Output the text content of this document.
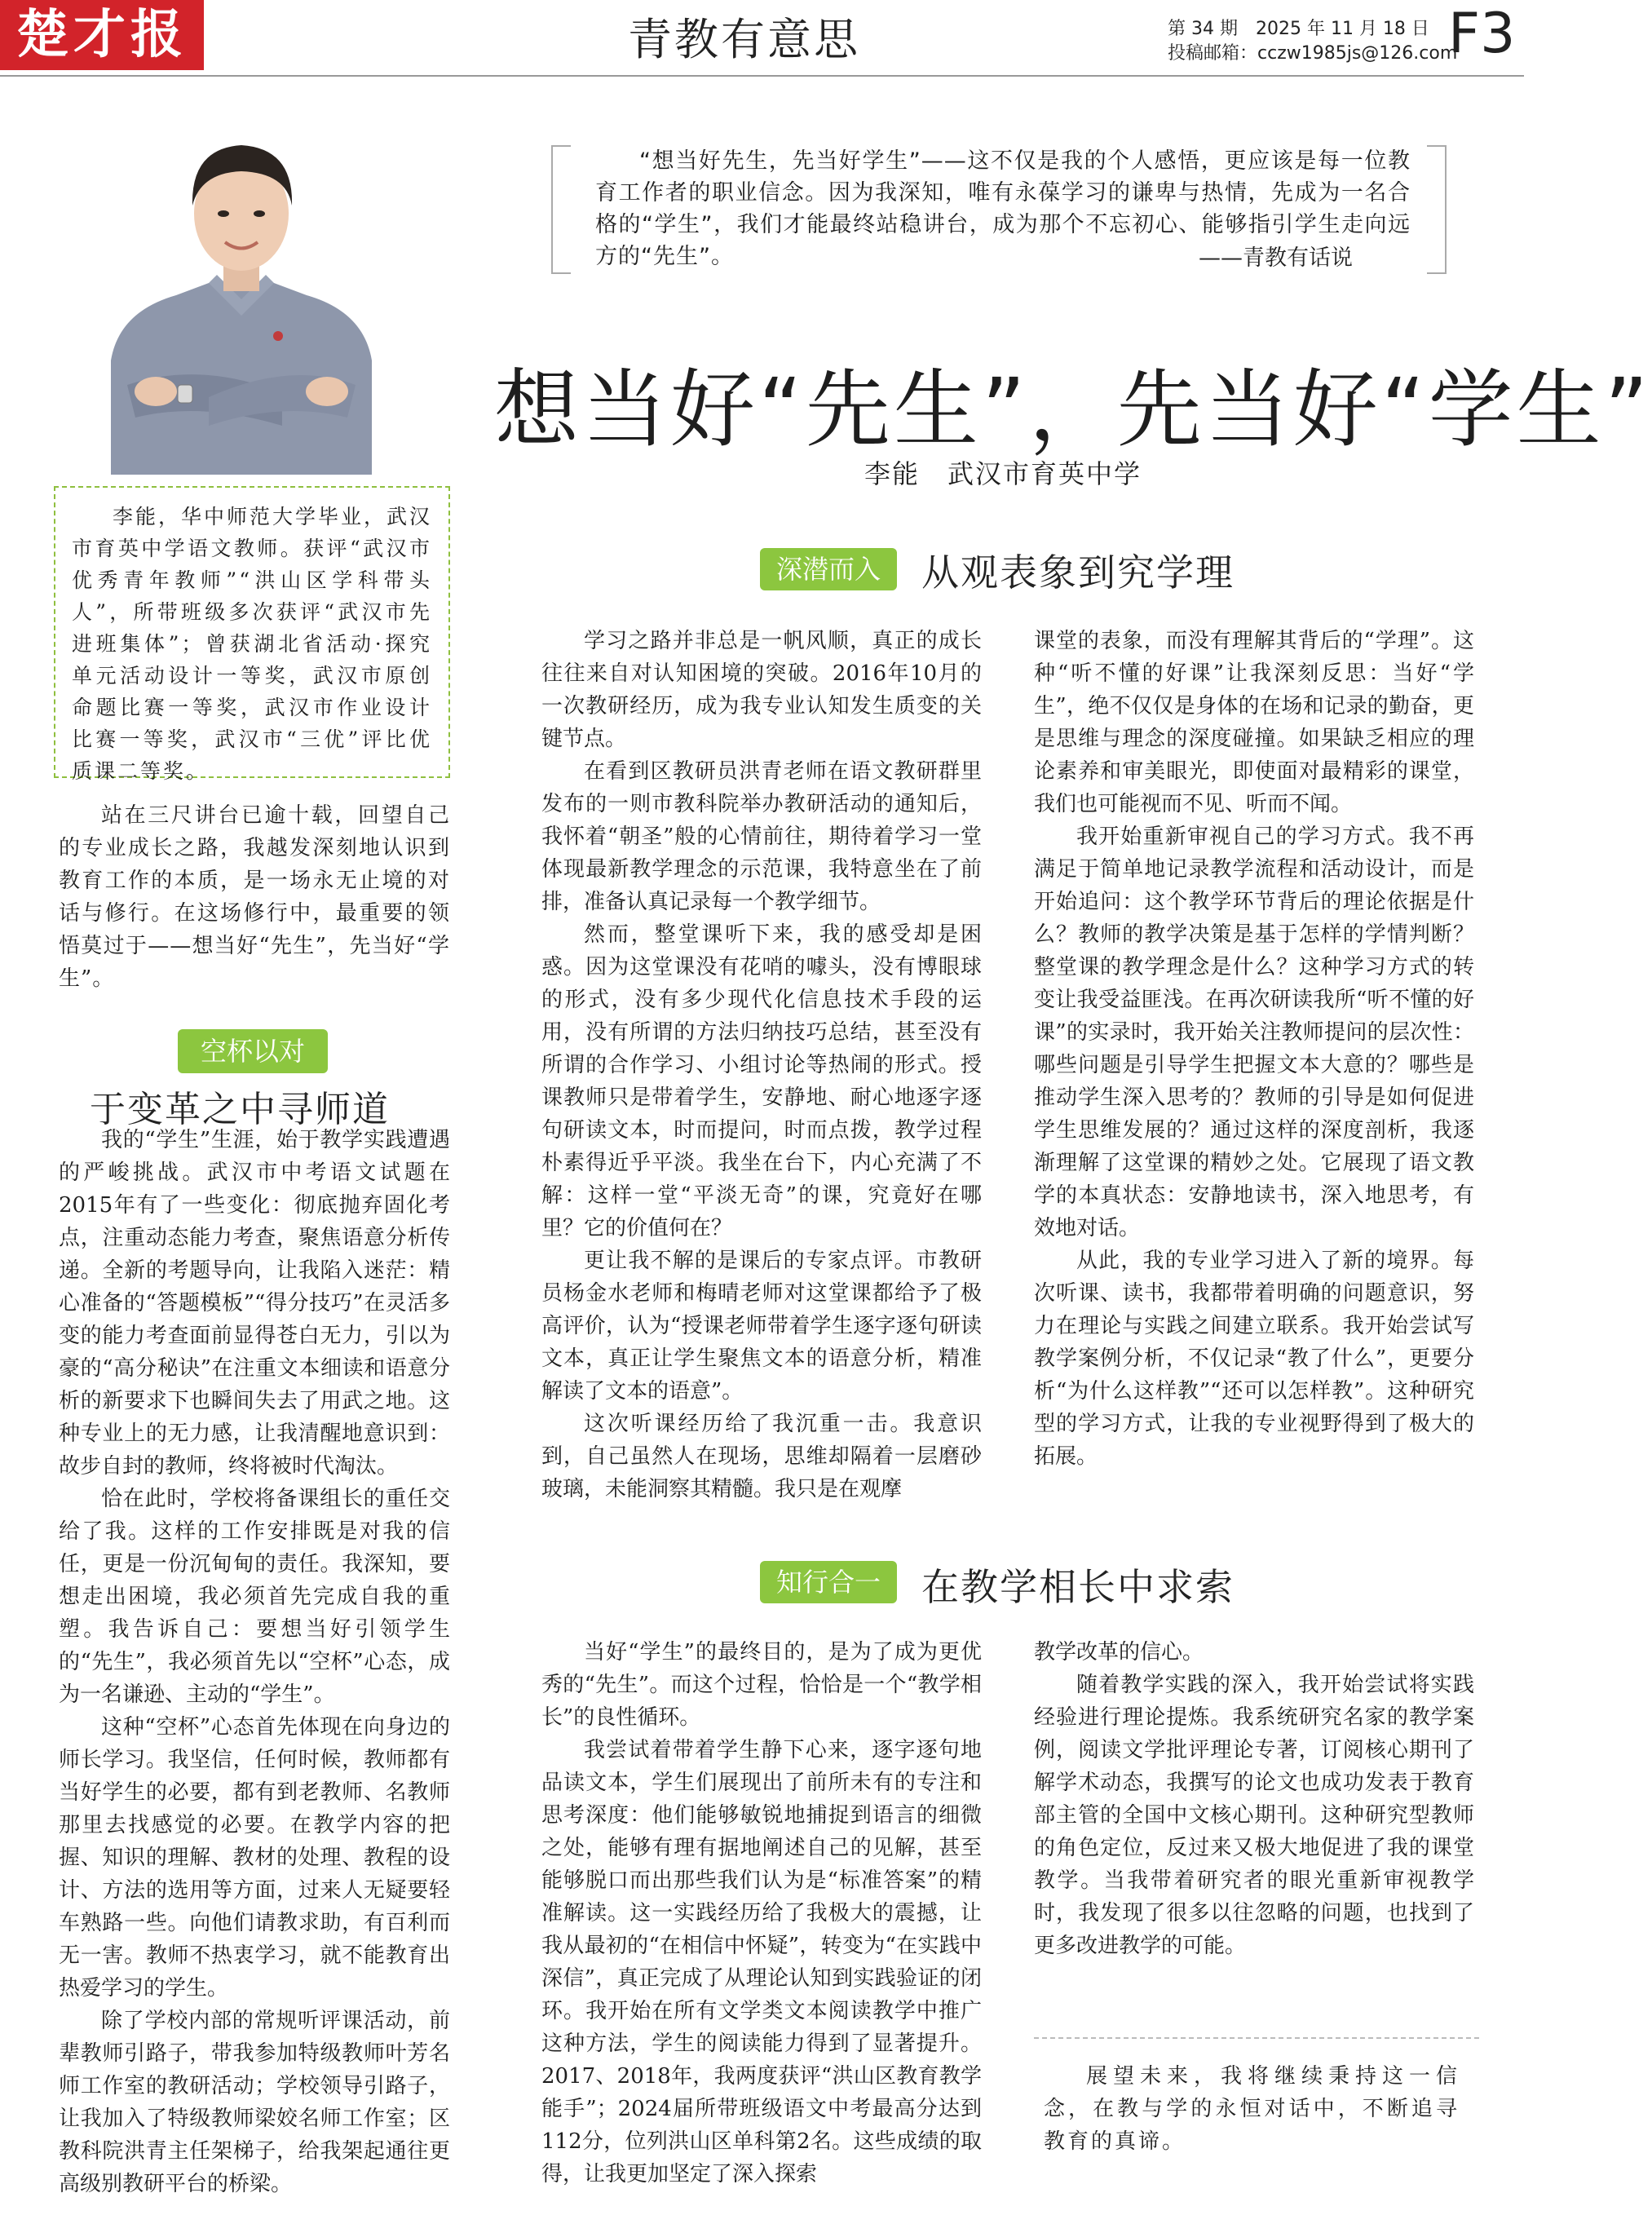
楚才报	青教有意思	第 34 期　2025 年 11 月 18 日
投稿邮箱：cczw1985js@126.com
F3

李能，华中师范大学毕业，武汉市育英中学语文教师。获评“武汉市优秀青年教师”“洪山区学科带头人”，所带班级多次获评“武汉市先进班集体”；曾获湖北省活动·探究单元活动设计一等奖，武汉市原创命题比赛一等奖，武汉市作业设计比赛一等奖，武汉市“三优”评比优质课二等奖。

站在三尺讲台已逾十载，回望自己的专业成长之路，我越发深刻地认识到教育工作的本质，是一场永无止境的对话与修行。在这场修行中，最重要的领悟莫过于——想当好“先生”，先当好“学生”。

空杯以对
于变革之中寻师道

我的“学生”生涯，始于教学实践遭遇的严峻挑战。武汉市中考语文试题在2015年有了一些变化：彻底抛弃固化考点，注重动态能力考查，聚焦语意分析传递。全新的考题导向，让我陷入迷茫：精心准备的“答题模板”“得分技巧”在灵活多变的能力考查面前显得苍白无力，引以为豪的“高分秘诀”在注重文本细读和语意分析的新要求下也瞬间失去了用武之地。这种专业上的无力感，让我清醒地意识到：故步自封的教师，终将被时代淘汰。

恰在此时，学校将备课组长的重任交给了我。这样的工作安排既是对我的信任，更是一份沉甸甸的责任。我深知，要想走出困境，我必须首先完成自我的重塑。我告诉自己：要想当好引领学生的“先生”，我必须首先以“空杯”心态，成为一名谦逊、主动的“学生”。

这种“空杯”心态首先体现在向身边的师长学习。我坚信，任何时候，教师都有当好学生的必要，都有到老教师、名教师那里去找感觉的必要。在教学内容的把握、知识的理解、教材的处理、教程的设计、方法的选用等方面，过来人无疑要轻车熟路一些。向他们请教求助，有百利而无一害。教师不热衷学习，就不能教育出热爱学习的学生。

除了学校内部的常规听评课活动，前辈教师引路子，带我参加特级教师叶芳名师工作室的教研活动；学校领导引路子，让我加入了特级教师梁姣名师工作室；区教科院洪青主任架梯子，给我架起通往更高级别教研平台的桥梁。

“想当好先生，先当好学生”——这不仅是我的个人感悟，更应该是每一位教育工作者的职业信念。因为我深知，唯有永葆学习的谦卑与热情，先成为一名合格的“学生”，我们才能最终站稳讲台，成为那个不忘初心、能够指引学生走向远方的“先生”。	——青教有话说
想当好“先生”，先当好“学生”
李能　武汉市育英中学
深潜而入	从观表象到究学理

学习之路并非总是一帆风顺，真正的成长往往来自对认知困境的突破。2016年10月的一次教研经历，成为我专业认知发生质变的关键节点。

在看到区教研员洪青老师在语文教研群里发布的一则市教科院举办教研活动的通知后，我怀着“朝圣”般的心情前往，期待着学习一堂体现最新教学理念的示范课，我特意坐在了前排，准备认真记录每一个教学细节。

然而，整堂课听下来，我的感受却是困惑。因为这堂课没有花哨的噱头，没有博眼球的形式，没有多少现代化信息技术手段的运用，没有所谓的方法归纳技巧总结，甚至没有所谓的合作学习、小组讨论等热闹的形式。授课教师只是带着学生，安静地、耐心地逐字逐句研读文本，时而提问，时而点拨，教学过程朴素得近乎平淡。我坐在台下，内心充满了不解：这样一堂“平淡无奇”的课，究竟好在哪里？它的价值何在？

更让我不解的是课后的专家点评。市教研员杨金水老师和梅晴老师对这堂课都给予了极高评价，认为“授课老师带着学生逐字逐句研读文本，真正让学生聚焦文本的语意分析，精准解读了文本的语意”。

这次听课经历给了我沉重一击。我意识到，自己虽然人在现场，思维却隔着一层磨砂玻璃，未能洞察其精髓。我只是在观摩

课堂的表象，而没有理解其背后的“学理”。这种“听不懂的好课”让我深刻反思：当好“学生”，绝不仅仅是身体的在场和记录的勤奋，更是思维与理念的深度碰撞。如果缺乏相应的理论素养和审美眼光，即使面对最精彩的课堂，我们也可能视而不见、听而不闻。

我开始重新审视自己的学习方式。我不再满足于简单地记录教学流程和活动设计，而是开始追问：这个教学环节背后的理论依据是什么？教师的教学决策是基于怎样的学情判断？整堂课的教学理念是什么？这种学习方式的转变让我受益匪浅。在再次研读我所“听不懂的好课”的实录时，我开始关注教师提问的层次性：哪些问题是引导学生把握文本大意的？哪些是推动学生深入思考的？教师的引导是如何促进学生思维发展的？通过这样的深度剖析，我逐渐理解了这堂课的精妙之处。它展现了语文教学的本真状态：安静地读书，深入地思考，有效地对话。

从此，我的专业学习进入了新的境界。每次听课、读书，我都带着明确的问题意识，努力在理论与实践之间建立联系。我开始尝试写教学案例分析，不仅记录“教了什么”，更要分析“为什么这样教”“还可以怎样教”。这种研究型的学习方式，让我的专业视野得到了极大的拓展。

知行合一	在教学相长中求索

当好“学生”的最终目的，是为了成为更优秀的“先生”。而这个过程，恰恰是一个“教学相长”的良性循环。

我尝试着带着学生静下心来，逐字逐句地品读文本，学生们展现出了前所未有的专注和思考深度：他们能够敏锐地捕捉到语言的细微之处，能够有理有据地阐述自己的见解，甚至能够脱口而出那些我们认为是“标准答案”的精准解读。这一实践经历给了我极大的震撼，让我从最初的“在相信中怀疑”，转变为“在实践中深信”，真正完成了从理论认知到实践验证的闭环。我开始在所有文学类文本阅读教学中推广这种方法，学生的阅读能力得到了显著提升。2017、2018年，我两度获评“洪山区教育教学能手”；2024届所带班级语文中考最高分达到112分，位列洪山区单科第2名。这些成绩的取得，让我更加坚定了深入探索

教学改革的信心。

随着教学实践的深入，我开始尝试将实践经验进行理论提炼。我系统研究名家的教学案例，阅读文学批评理论专著，订阅核心期刊了解学术动态，我撰写的论文也成功发表于教育部主管的全国中文核心期刊。这种研究型教师的角色定位，反过来又极大地促进了我的课堂教学。当我带着研究者的眼光重新审视教学时，我发现了很多以往忽略的问题，也找到了更多改进教学的可能。

展望未来，我将继续秉持这一信念，在教与学的永恒对话中，不断追寻教育的真谛。
